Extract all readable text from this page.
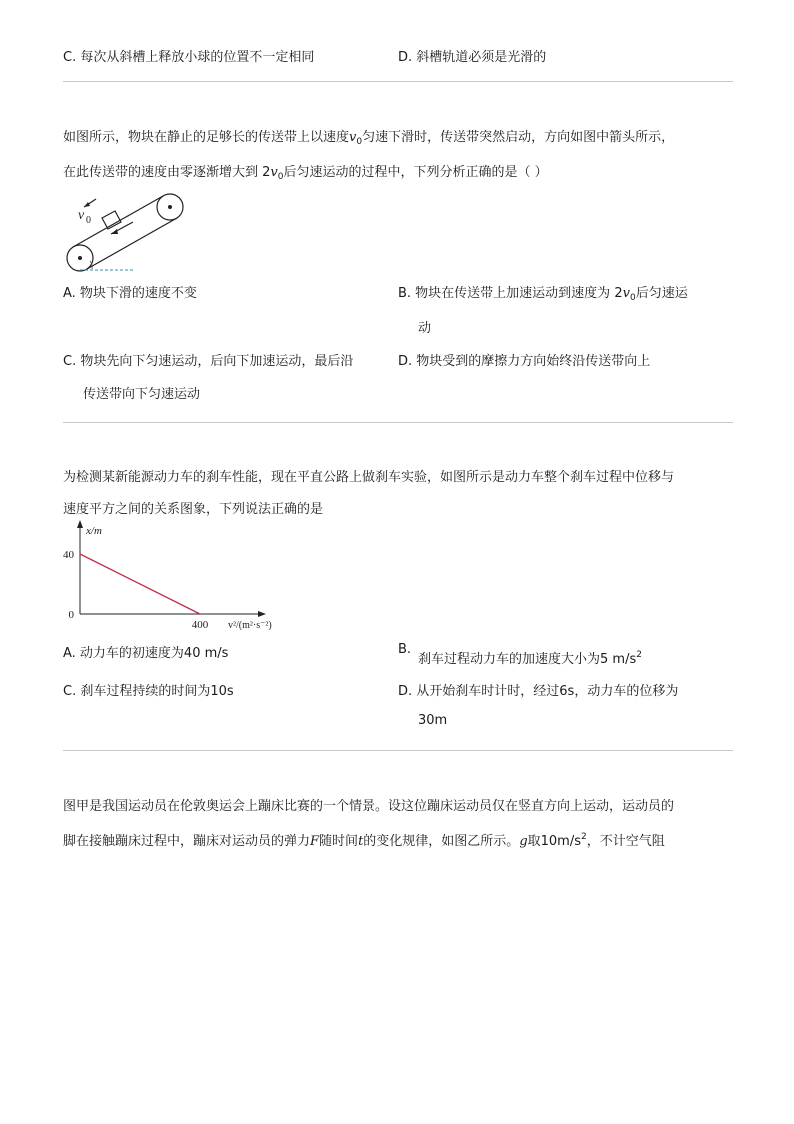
C. 每次从斜槽上释放小球的位置不一定相同	D. 斜槽轨道必须是光滑的
如图所示，物块在静止的足够长的传送带上以速度$v_0$匀速下滑时，传送带突然启动，方向如图中箭头所示，
在此传送带的速度由零逐渐增大到 $2v_0$后匀速运动的过程中，下列分析正确的是（ ）
v 0
A. 物块下滑的速度不变	B. 物块在传送带上加速运动到速度为 $2v_0$后匀速运
动
C. 物块先向下匀速运动，后向下加速运动，最后沿
传送带向下匀速运动
D. 物块受到的摩擦力方向始终沿传送带向上
为检测某新能源动力车的刹车性能，现在平直公路上做刹车实验，如图所示是动力车整个刹车过程中位移与
速度平方之间的关系图象，下列说法正确的是
40
0
400
x/m
v²/(m²·s⁻²)
A. 动力车的初速度为40 m/s	B.
刹车过程动力车的加速度大小为5 $m/s^2$
C. 刹车过程持续的时间为10s	D. 从开始刹车时计时，经过6s，动力车的位移为
30m
图甲是我国运动员在伦敦奥运会上蹦床比赛的一个情景。设这位蹦床运动员仅在竖直方向上运动，运动员的
脚在接触蹦床过程中，蹦床对运动员的弹力F随时间t的变化规律，如图乙所示。g取$10m/s^2$，不计空气阻
